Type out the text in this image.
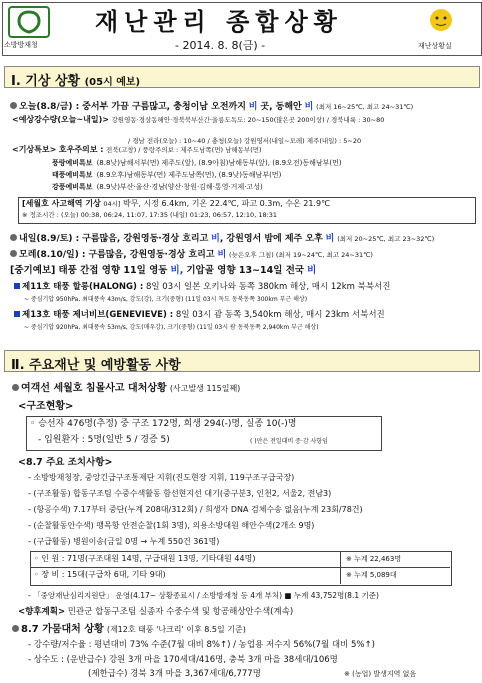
소방방재청
재난관리 종합상황
- 2014. 8. 8(금) -	재난상황실
Ⅰ. 기상 상황 (05시 예보)
오늘(8.8/금) : 중서부 가끔 구름많고, 충청이남 오전까지 비 곳, 동해안 비 (최저 16~25℃, 최고 24~31℃)
<예상강수량(오늘~내일)> 강원영동·경상동해안·경북북부산간·울릉도독도: 20~150(많은곳 200이상) / 경북내륙 : 30~80
/ 경남 전라(오늘) : 10~40 / 충청(오늘) 강원영서(내일~모레) 제주(내일) : 5~20
<기상특보> 호우주의보 : 전북(고창) / 풍랑주의보 : 제주도남쪽(먼) 남해동부(먼)
풍랑예비특보 (8.8낮)남해서부(먼) 제주도(앞), (8.9아침)남해동부(앞), (8.9오전)동해남부(먼)
태풍예비특보 (8.9오후)남해동부(먼) 제주도남쪽(먼), (8.9낮)동해남부(먼)
강풍예비특보 (8.9낮)부산·울산·경남(양산·창원·김해·통영·거제·고성)
[세월호 사고해역 기상 04시] 박무, 시정 6.4km, 기온 22.4℃, 파고 0.3m, 수온 21.9℃
※ 정조시간 : (오늘) 00:38, 06:24, 11:07, 17:35 (내일) 01:23, 06:57, 12:10, 18:31
내일(8.9/토) : 구름많음, 강원영동·경상 흐리고 비, 강원영서 밤에 제주 오후 비 (최저 20~25℃, 최고 23~32℃)
모레(8.10/일) : 구름많음, 강원영동·경상 흐리고 비 (늦은오후 그침) (최저 19~24℃, 최고 24~31℃)
[중기예보] 태풍 간접 영향 11일 영동 비, 기압골 영향 13~14일 전국 비
제11호 태풍 할롱(HALONG) : 8일 03시 일본 오키나와 동쪽 380km 해상, 매시 12km 북북서진
~ 중심기압 950hPa, 최대풍속 43m/s, 강도(강), 크기(중형) (11일 03시 독도 동북동쪽 300km 부근 해상)
제13호 태풍 제너비브(GENEVIEVE) : 8일 03시 괌 동쪽 3,540km 해상, 매시 23km 서북서진
~ 중심기압 920hPa, 최대풍속 53m/s, 강도(매우강), 크기(중형) (11일 03시 괌 동북동쪽 2,940km 부근 해상)
Ⅱ. 주요재난 및 예방활동 사항
여객선 세월호 침몰사고 대처상황 (사고발생 115일째)
<구조현황>
◦ 승선자 476명(추정) 중 구조 172명, 희생 294(-)명, 실종 10(-)명
- 입원환자 : 5명(일반 5 / 경증 5)	( )안은 전일대비 증·감 사항임
<8.7 주요 조치사항>
- 소방방재청장, 중앙긴급구조통제단 지휘(진도현장 지휘, 119구조구급국장)
- (구조활동) 합동구조팀 수중수색활동 함선현지선 대기(중구분3, 인천2, 서울2, 전남3)
- (항공수색) 7.17부터 중단(누계 208대/312회) / 희생자 DNA 검체수송 없음(누계 23회/78건)
- (순찰활동안수색) 팽목항 안전순찰(1회 3명), 의용소방대원 해안수색(2개소 9명)
- (구급활동) 병원이송(금일 0명 → 누계 550건 361명)
◦ 인 원 : 71명(구조대원 14명, 구급대원 13명, 기타대원 44명)	※ 누계 22,463명
◦ 장 비 : 15대(구급차 6대, 기타 9대)	※ 누계 5,089대
- 「중앙재난심리지원단」 운영(4.17~ 상황종료시 / 소방방재청 등 4개 부처) ■ 누계 43,752명(8.1 기준)
<향후계획> 민관군 합동구조팀 실종자 수중수색 및 항공해상안수색(계속)
8.7 가뭄대처 상황 (제12호 태풍 '나크리' 이후 8.5일 기준)
- 강수량/저수율 : 평년대비 73% 수준(7월 대비 8%↑) / 농업용 저수지 56%(7월 대비 5%↑)
- 상수도 : (운반급수) 강원 3개 마을 170세대/416명, 충북 3개 마을 38세대/106명
(제한급수) 경북 3개 마을 3,367세대/6,777명	※ (농업) 발생지역 없음
